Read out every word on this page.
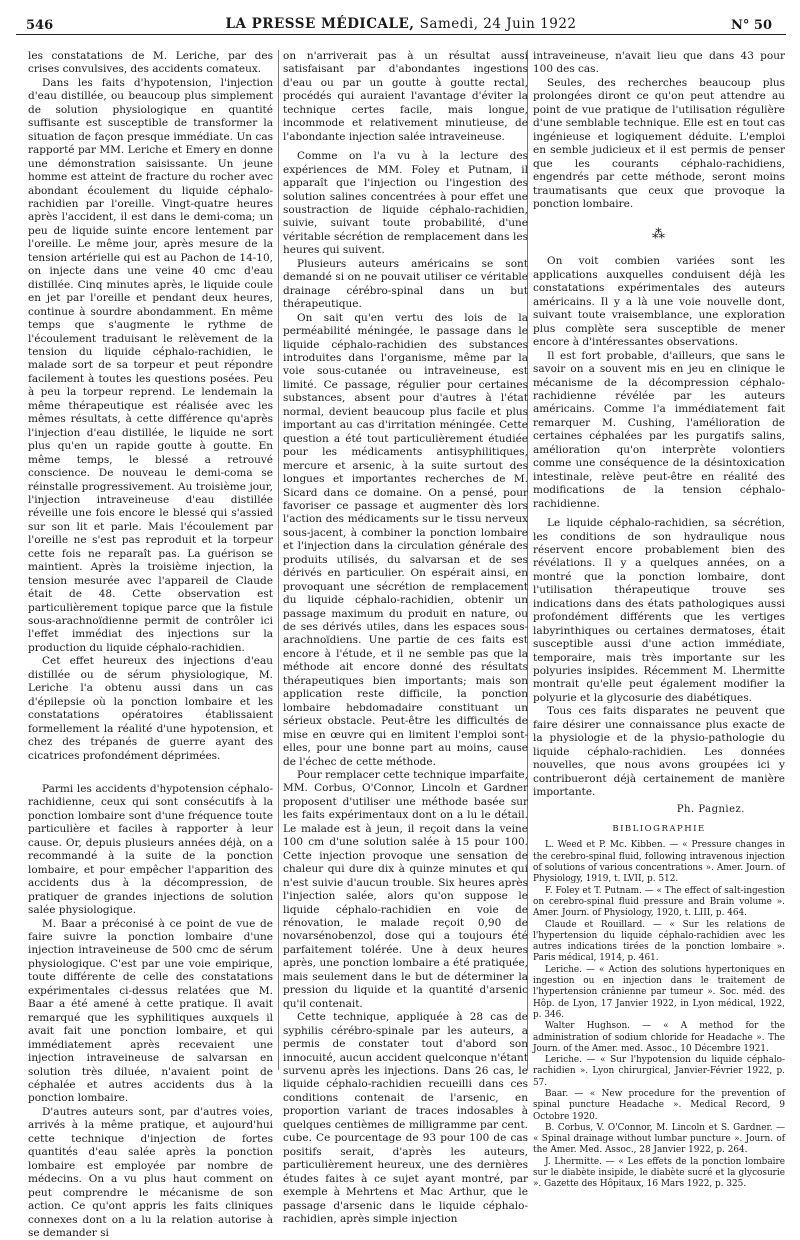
546	LA PRESSE MÉDICALE, Samedi, 24 Juin 1922	N° 50

les constatations de M. Leriche, par des crises convulsives, des accidents comateux.

Dans les faits d'hypotension, l'injection d'eau distillée, ou beaucoup plus simplement de solution physiologique en quantité suffisante est susceptible de transformer la situation de façon presque immédiate. Un cas rapporté par MM. Leriche et Emery en donne une démonstration saisissante. Un jeune homme est atteint de fracture du rocher avec abondant écoulement du liquide céphalo-rachidien par l'oreille. Vingt-quatre heures après l'accident, il est dans le demi-coma; un peu de liquide suinte encore lentement par l'oreille. Le même jour, après mesure de la tension artérielle qui est au Pachon de 14-10, on injecte dans une veine 40 cmc d'eau distillée. Cinq minutes après, le liquide coule en jet par l'oreille et pendant deux heures, continue à sourdre abondamment. En même temps que s'augmente le rythme de l'écoulement traduisant le relèvement de la tension du liquide céphalo-rachidien, le malade sort de sa torpeur et peut répondre facilement à toutes les questions posées. Peu à peu la torpeur reprend. Le lendemain la même thérapeutique est réalisée avec les mêmes résultats, à cette différence qu'après l'injection d'eau distillée, le liquide ne sort plus qu'en un rapide goutte à goutte. En même temps, le blessé a retrouvé conscience. De nouveau le demi-coma se réinstalle progressivement. Au troisième jour, l'injection intraveineuse d'eau distillée réveille une fois encore le blessé qui s'assied sur son lit et parle. Mais l'écoulement par l'oreille ne s'est pas reproduit et la torpeur cette fois ne reparaît pas. La guérison se maintient. Après la troisième injection, la tension mesurée avec l'appareil de Claude était de 48. Cette observation est particulièrement topique parce que la fistule sous-arachnoïdienne permit de contrôler ici l'effet immédiat des injections sur la production du liquide céphalo-rachidien.

Cet effet heureux des injections d'eau distillée ou de sérum physiologique, M. Leriche l'a obtenu aussi dans un cas d'épilepsie où la ponction lombaire et les constatations opératoires établissaient formellement la réalité d'une hypotension, et chez des trépanés de guerre ayant des cicatrices profondément déprimées.

Parmi les accidents d'hypotension céphalo-rachidienne, ceux qui sont consécutifs à la ponction lombaire sont d'une fréquence toute particulière et faciles à rapporter à leur cause. Or, depuis plusieurs années déjà, on a recommandé à la suite de la ponction lombaire, et pour empêcher l'apparition des accidents dus à la décompression, de pratiquer de grandes injections de solution salée physiologique.

M. Baar a préconisé à ce point de vue de faire suivre la ponction lombaire d'une injection intraveineuse de 500 cmc de sérum physiologique. C'est par une voie empirique, toute différente de celle des constatations expérimentales ci-dessus relatées que M. Baar a été amené à cette pratique. Il avait remarqué que les syphilitiques auxquels il avait fait une ponction lombaire, et qui immédiatement après recevaient une injection intraveineuse de salvarsan en solution très diluée, n'avaient point de céphalée et autres accidents dus à la ponction lombaire.

D'autres auteurs sont, par d'autres voies, arrivés à la même pratique, et aujourd'hui cette technique d'injection de fortes quantités d'eau salée après la ponction lombaire est employée par nombre de médecins. On a vu plus haut comment on peut comprendre le mécanisme de son action. Ce qu'ont appris les faits cliniques connexes dont on a lu la relation autorise à se demander si

on n'arriverait pas à un résultat aussi satisfaisant par d'abondantes ingestions d'eau ou par un goutte à goutte rectal, procédés qui auraient l'avantage d'éviter la technique certes facile, mais longue, incommode et relativement minutieuse, de l'abondante injection salée intraveineuse.

Comme on l'a vu à la lecture des expériences de MM. Foley et Putnam, il apparaît que l'injection ou l'ingestion des solution salines concentrées à pour effet une soustraction de liquide céphalo-rachidien, suivie, suivant toute probabilité, d'une véritable sécrétion de remplacement dans les heures qui suivent.

Plusieurs auteurs américains se sont demandé si on ne pouvait utiliser ce véritable drainage cérébro-spinal dans un but thérapeutique.

On sait qu'en vertu des lois de la perméabilité méningée, le passage dans le liquide céphalo-rachidien des substances introduites dans l'organisme, même par la voie sous-cutanée ou intraveineuse, est limité. Ce passage, régulier pour certaines substances, absent pour d'autres à l'état normal, devient beaucoup plus facile et plus important au cas d'irritation méningée. Cette question a été tout particulièrement étudiée pour les médicaments antisyphilitiques, mercure et arsenic, à la suite surtout des longues et importantes recherches de M. Sicard dans ce domaine. On a pensé, pour favoriser ce passage et augmenter dès lors l'action des médicaments sur le tissu nerveux sous-jacent, à combiner la ponction lombaire et l'injection dans la circulation générale des produits utilisés, du salvarsan et de ses dérivés en particulier. On espérait ainsi, en provoquant une sécrétion de remplacement du liquide céphalo-rachidien, obtenir un passage maximum du produit en nature, ou de ses dérivés utiles, dans les espaces sous-arachnoïdiens. Une partie de ces faits est encore à l'étude, et il ne semble pas que la méthode ait encore donné des résultats thérapeutiques bien importants; mais son application reste difficile, la ponction lombaire hebdomadaire constituant un sérieux obstacle. Peut-être les difficultés de mise en œuvre qui en limitent l'emploi sont-elles, pour une bonne part au moins, cause de l'échec de cette méthode.

Pour remplacer cette technique imparfaite, MM. Corbus, O'Connor, Lincoln et Gardner proposent d'utiliser une méthode basée sur les faits expérimentaux dont on a lu le détail. Le malade est à jeun, il reçoit dans la veine 100 cm d'une solution salée à 15 pour 100. Cette injection provoque une sensation de chaleur qui dure dix à quinze minutes et qui n'est suivie d'aucun trouble. Six heures après l'injection salée, alors qu'on suppose le liquide céphalo-rachidien en voie de rénovation, le malade reçoit 0,90 de novarsénobenzol, dose qui a toujours été parfaitement tolérée. Une à deux heures après, une ponction lombaire a été pratiquée, mais seulement dans le but de déterminer la pression du liquide et la quantité d'arsenic qu'il contenait.

Cette technique, appliquée à 28 cas de syphilis cérébro-spinale par les auteurs, a permis de constater tout d'abord son innocuité, aucun accident quelconque n'étant survenu après les injections. Dans 26 cas, le liquide céphalo-rachidien recueilli dans ces conditions contenait de l'arsenic, en proportion variant de traces indosables à quelques centièmes de milligramme par cent. cube. Ce pourcentage de 93 pour 100 de cas positifs serait, d'après les auteurs, particulièrement heureux, une des dernières études faites à ce sujet ayant montré, par exemple à Mehrtens et Mac Arthur, que le passage d'arsenic dans le liquide céphalo-rachidien, après simple injection

intraveineuse, n'avait lieu que dans 43 pour 100 des cas.

Seules, des recherches beaucoup plus prolongées diront ce qu'on peut attendre au point de vue pratique de l'utilisation régulière d'une semblable technique. Elle est en tout cas ingénieuse et logiquement déduite. L'emploi en semble judicieux et il est permis de penser que les courants céphalo-rachidiens, engendrés par cette méthode, seront moins traumatisants que ceux que provoque la ponction lombaire.

⁂

On voit combien variées sont les applications auxquelles conduisent déjà les constatations expérimentales des auteurs américains. Il y a là une voie nouvelle dont, suivant toute vraisemblance, une exploration plus complète sera susceptible de mener encore à d'intéressantes observations.

Il est fort probable, d'ailleurs, que sans le savoir on a souvent mis en jeu en clinique le mécanisme de la décompression céphalo-rachidienne révélée par les auteurs américains. Comme l'a immédiatement fait remarquer M. Cushing, l'amélioration de certaines céphalées par les purgatifs salins, amélioration qu'on interprète volontiers comme une conséquence de la désintoxication intestinale, relève peut-être en réalité des modifications de la tension céphalo-rachidienne.

Le liquide céphalo-rachidien, sa sécrétion, les conditions de son hydraulique nous réservent encore probablement bien des révélations. Il y a quelques années, on a montré que la ponction lombaire, dont l'utilisation thérapeutique trouve ses indications dans des états pathologiques aussi profondément différents que les vertiges labyrinthiques ou certaines dermatoses, était susceptible aussi d'une action immédiate, temporaire, mais très importante sur les polyuries insipides. Récemment M. Lhermitte montrait qu'elle peut également modifier la polyurie et la glycosurie des diabétiques.

Tous ces faits disparates ne peuvent que faire désirer une connaissance plus exacte de la physiologie et de la physio-pathologie du liquide céphalo-rachidien. Les données nouvelles, que nous avons groupées ici y contribueront déjà certainement de manière importante.

Ph. Pagniez.
BIBLIOGRAPHIE

L. Weed et P. Mc. Kibben. — « Pressure changes in the cerebro-spinal fluid, following intravenous injection of solutions of various concentrations ». Amer. Journ. of Physiology, 1919, t. LVII, p. 512.

F. Foley et T. Putnam. — « The effect of salt-ingestion on cerebro-spinal fluid pressure and Brain volume ». Amer. Journ. of Physiology, 1920, t. LIII, p. 464.

Claude et Rouillard. — « Sur les relations de l'hypertension du liquide céphalo-rachidien avec les autres indications tirées de la ponction lombaire ». Paris médical, 1914, p. 461.

Leriche. — « Action des solutions hypertoniques en ingestion ou en injection dans le traitement de l'hypertension crânienne par tumeur ». Soc. méd. des Hôp. de Lyon, 17 Janvier 1922, in Lyon médical, 1922, p. 346.

Walter Hughson. — « A method for the administration of sodium chloride for Headache ». The Journ. of the Amer. med. Assoc., 10 Décembre 1921.

Leriche. — « Sur l'hypotension du liquide céphalo-rachidien ». Lyon chirurgical, Janvier-Février 1922, p. 57.

Baar. — « New procedure for the prevention of spinal puncture Headache ». Medical Record, 9 Octobre 1920.

B. Corbus, V. O'Connor, M. Lincoln et S. Gardner. — « Spinal drainage without lumbar puncture ». Journ. of the Amer. Med. Assoc., 28 Janvier 1922, p. 264.

J. Lhermitte. — « Les effets de la ponction lombaire sur le diabète insipide, le diabète sucré et la glycosurie ». Gazette des Hôpitaux, 16 Mars 1922, p. 325.
